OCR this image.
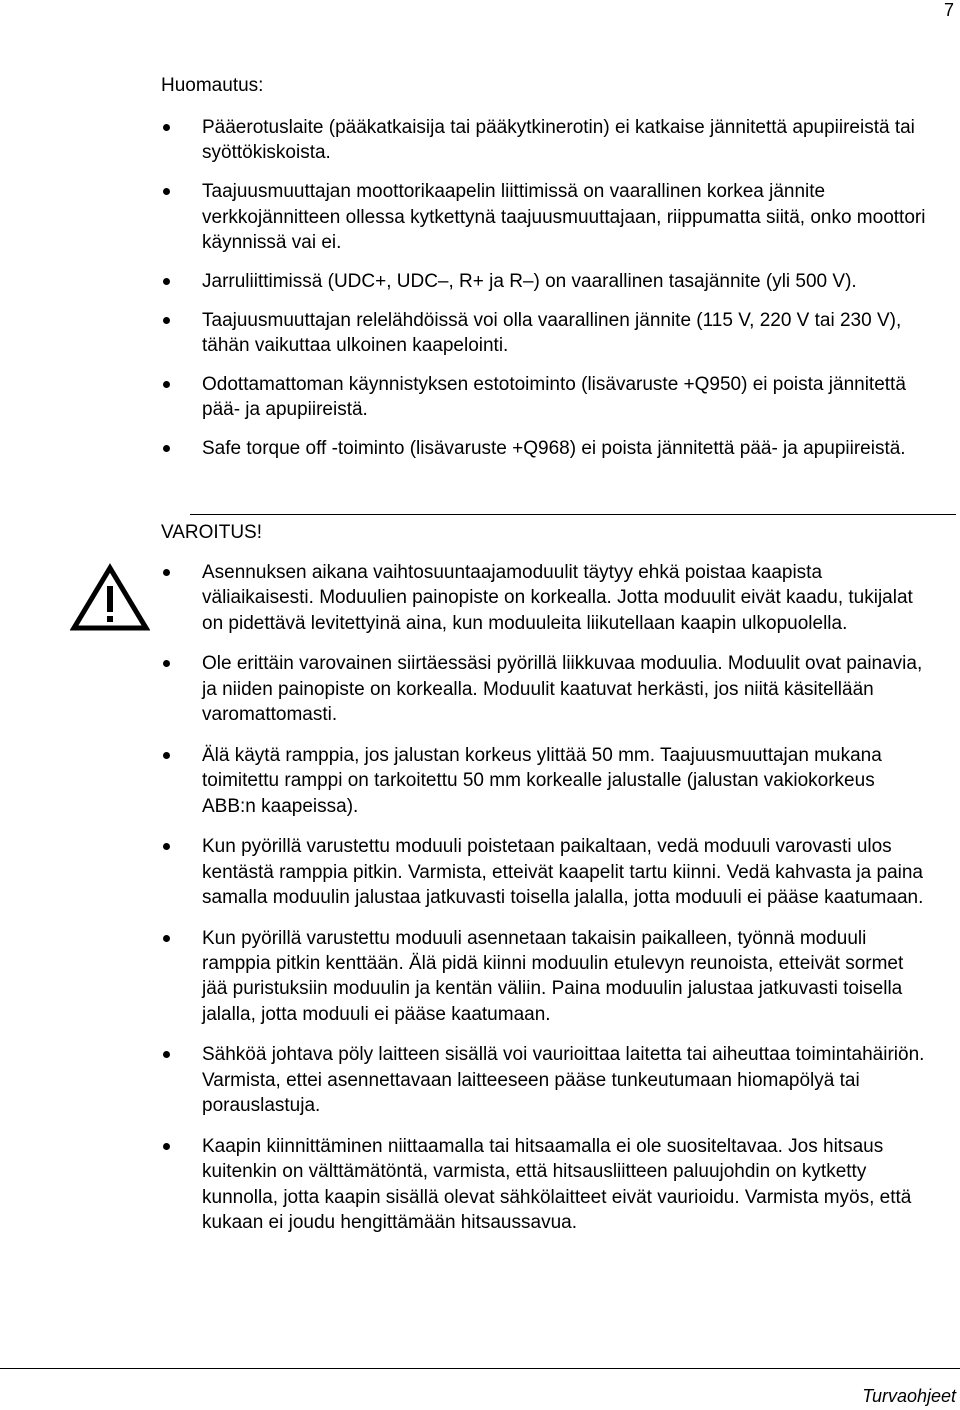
7
Huomautus:
Pääerotuslaite (pääkatkaisija tai pääkytkinerotin) ei katkaise jännitettä apupiireistä tai syöttökiskoista.
Taajuusmuuttajan moottorikaapelin liittimissä on vaarallinen korkea jännite verkkojännitteen ollessa kytkettynä taajuusmuuttajaan, riippumatta siitä, onko moottori käynnissä vai ei.
Jarruliittimissä (UDC+, UDC–, R+ ja R–) on vaarallinen tasajännite (yli 500 V).
Taajuusmuuttajan relelähdöissä voi olla vaarallinen jännite (115 V, 220 V tai 230 V), tähän vaikuttaa ulkoinen kaapelointi.
Odottamattoman käynnistyksen estotoiminto (lisävaruste +Q950) ei poista jännitettä pää- ja apupiireistä.
Safe torque off -toiminto (lisävaruste +Q968) ei poista jännitettä pää- ja apupiireistä.
VAROITUS!
Asennuksen aikana vaihtosuuntaajamoduulit täytyy ehkä poistaa kaapista väliaikaisesti. Moduulien painopiste on korkealla. Jotta moduulit eivät kaadu, tukijalat on pidettävä levitettyinä aina, kun moduuleita liikutellaan kaapin ulkopuolella.
Ole erittäin varovainen siirtäessäsi pyörillä liikkuvaa moduulia. Moduulit ovat painavia, ja niiden painopiste on korkealla. Moduulit kaatuvat herkästi, jos niitä käsitellään varomattomasti.
Älä käytä ramppia, jos jalustan korkeus ylittää 50 mm. Taajuusmuuttajan mukana toimitettu ramppi on tarkoitettu 50 mm korkealle jalustalle (jalustan vakiokorkeus ABB:n kaapeissa).
Kun pyörillä varustettu moduuli poistetaan paikaltaan, vedä moduuli varovasti ulos kentästä ramppia pitkin. Varmista, etteivät kaapelit tartu kiinni. Vedä kahvasta ja paina samalla moduulin jalustaa jatkuvasti toisella jalalla, jotta moduuli ei pääse kaatumaan.
Kun pyörillä varustettu moduuli asennetaan takaisin paikalleen, työnnä moduuli ramppia pitkin kenttään. Älä pidä kiinni moduulin etulevyn reunoista, etteivät sormet jää puristuksiin moduulin ja kentän väliin. Paina moduulin jalustaa jatkuvasti toisella jalalla, jotta moduuli ei pääse kaatumaan.
Sähköä johtava pöly laitteen sisällä voi vaurioittaa laitetta tai aiheuttaa toimintahäiriön. Varmista, ettei asennettavaan laitteeseen pääse tunkeutumaan hiomapölyä tai porauslastuja.
Kaapin kiinnittäminen niittaamalla tai hitsaamalla ei ole suositeltavaa. Jos hitsaus kuitenkin on välttämätöntä, varmista, että hitsausliitteen paluujohdin on kytketty kunnolla, jotta kaapin sisällä olevat sähkölaitteet eivät vaurioidu. Varmista myös, että kukaan ei joudu hengittämään hitsaussavua.
Turvaohjeet
